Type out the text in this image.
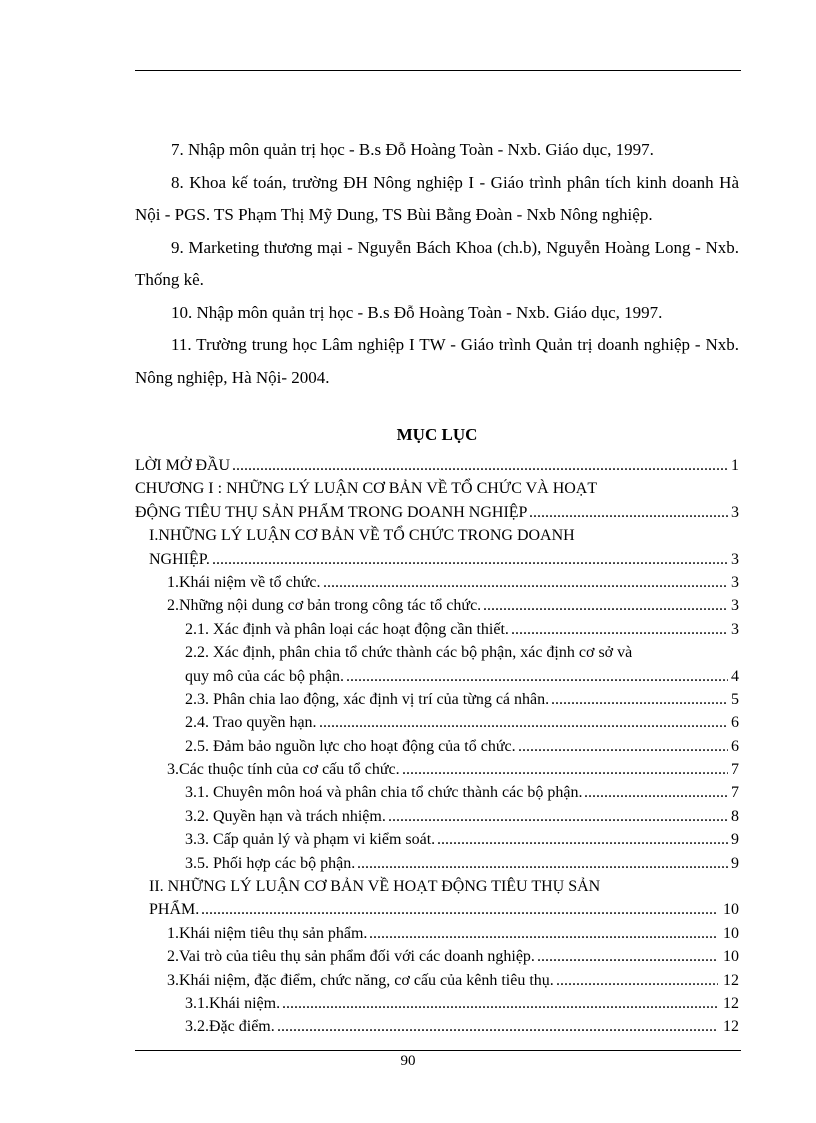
7. Nhập môn quản trị học - B.s Đỗ Hoàng Toàn - Nxb. Giáo dục, 1997.

8. Khoa kế toán, trường ĐH Nông nghiệp I - Giáo trình phân tích kinh doanh Hà Nội - PGS. TS Phạm Thị Mỹ Dung, TS Bùi Bằng Đoàn - Nxb Nông nghiệp.

9. Marketing thương mại - Nguyễn Bách Khoa (ch.b), Nguyễn Hoàng Long - Nxb. Thống kê.

10. Nhập môn quản trị học - B.s Đỗ Hoàng Toàn - Nxb. Giáo dục, 1997.

11. Trường trung học Lâm nghiệp I TW - Giáo trình Quản trị doanh nghiệp - Nxb. Nông nghiệp, Hà Nội- 2004.

MỤC LỤC
LỜI MỞ ĐẦU .....	1
CHƯƠNG I : NHỮNG LÝ LUẬN CƠ BẢN VỀ TỔ CHỨC VÀ HOẠT
ĐỘNG TIÊU THỤ SẢN PHẨM TRONG DOANH NGHIỆP .....	3
I.NHỮNG LÝ LUẬN CƠ BẢN VỀ TỔ CHỨC TRONG DOANH
NGHIỆP. .....	3
1.Khái niệm về tổ chức. .....	3
2.Những nội dung cơ bản trong công tác tổ chức. .....	3
2.1. Xác định và phân loại các hoạt động cần thiết. .....	3
2.2. Xác định, phân chia tổ chức thành các bộ phận, xác định cơ sở và
quy mô của các bộ phận. .....	4
2.3. Phân chia lao động, xác định vị trí của từng cá nhân. .....	5
2.4. Trao quyền hạn. .....	6
2.5. Đảm bảo nguồn lực cho hoạt động của tổ chức. .....	6
3.Các thuộc tính của cơ cấu tổ chức. .....	7
3.1. Chuyên môn hoá và phân chia tổ chức thành các bộ phận. .....	7
3.2. Quyền hạn và trách nhiệm. .....	8
3.3. Cấp quản lý và phạm vi kiểm soát. .....	9
3.5. Phối hợp các bộ phận. .....	9
II. NHỮNG LÝ LUẬN CƠ BẢN VỀ HOẠT ĐỘNG TIÊU THỤ SẢN
PHẨM. .....	10
1.Khái niệm tiêu thụ sản phẩm. .....	10
2.Vai trò của tiêu thụ sản phẩm đối với các doanh nghiệp. .....	10
3.Khái niệm, đặc điểm, chức năng, cơ cấu của kênh tiêu thụ. .....	12
3.1.Khái niệm. .....	12
3.2.Đặc điểm. .....	12
90
